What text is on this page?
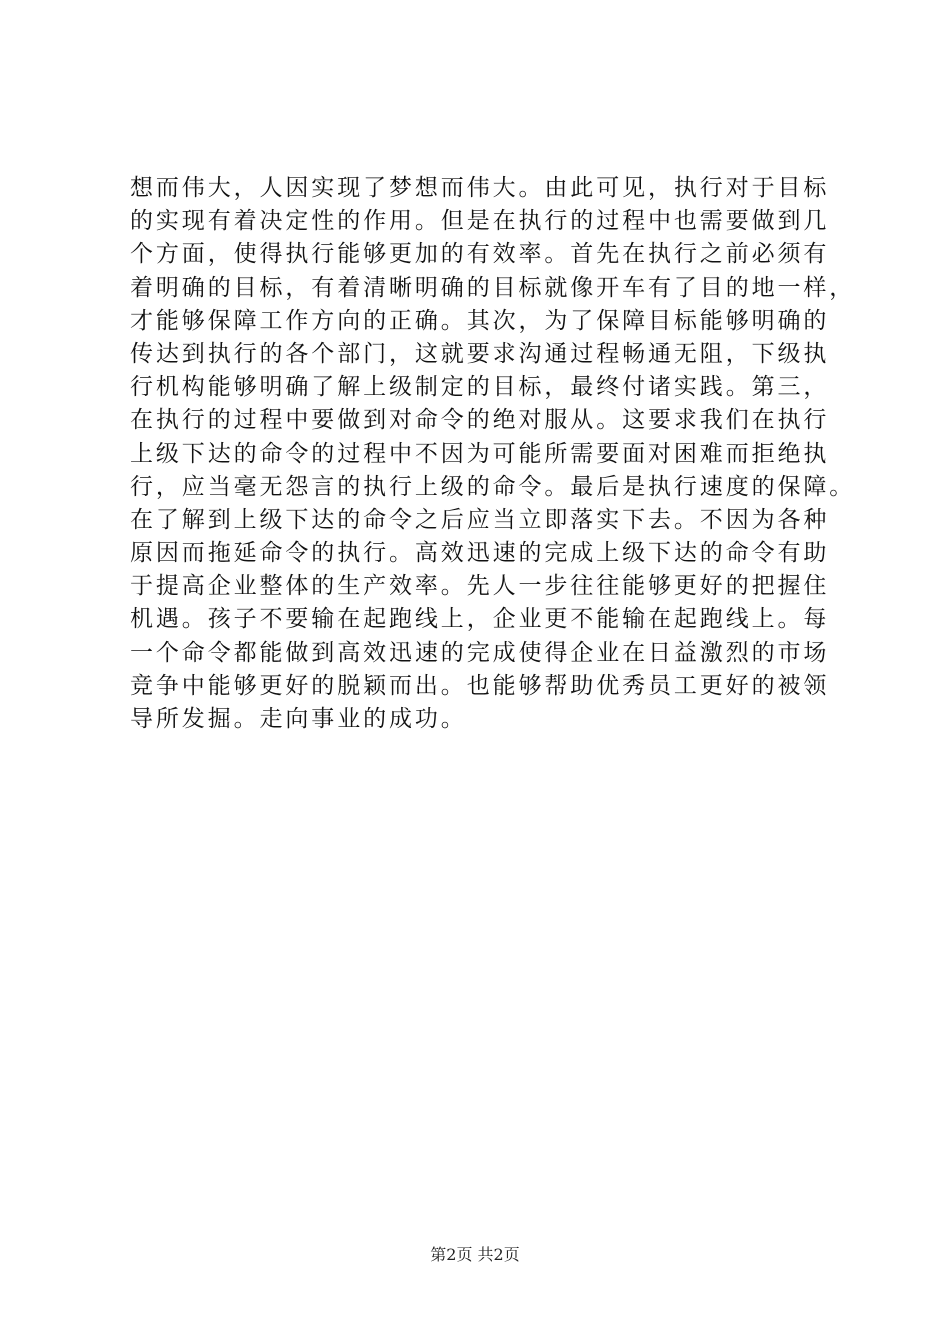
想而伟大，人因实现了梦想而伟大。由此可见，执行对于目标
的实现有着决定性的作用。但是在执行的过程中也需要做到几
个方面，使得执行能够更加的有效率。首先在执行之前必须有
着明确的目标，有着清晰明确的目标就像开车有了目的地一样，
才能够保障工作方向的正确。其次，为了保障目标能够明确的
传达到执行的各个部门，这就要求沟通过程畅通无阻，下级执
行机构能够明确了解上级制定的目标，最终付诸实践。第三，
在执行的过程中要做到对命令的绝对服从。这要求我们在执行
上级下达的命令的过程中不因为可能所需要面对困难而拒绝执
行，应当毫无怨言的执行上级的命令。最后是执行速度的保障。
在了解到上级下达的命令之后应当立即落实下去。不因为各种
原因而拖延命令的执行。高效迅速的完成上级下达的命令有助
于提高企业整体的生产效率。先人一步往往能够更好的把握住
机遇。孩子不要输在起跑线上，企业更不能输在起跑线上。每
一个命令都能做到高效迅速的完成使得企业在日益激烈的市场
竞争中能够更好的脱颖而出。也能够帮助优秀员工更好的被领
导所发掘。走向事业的成功。
第2页 共2页
